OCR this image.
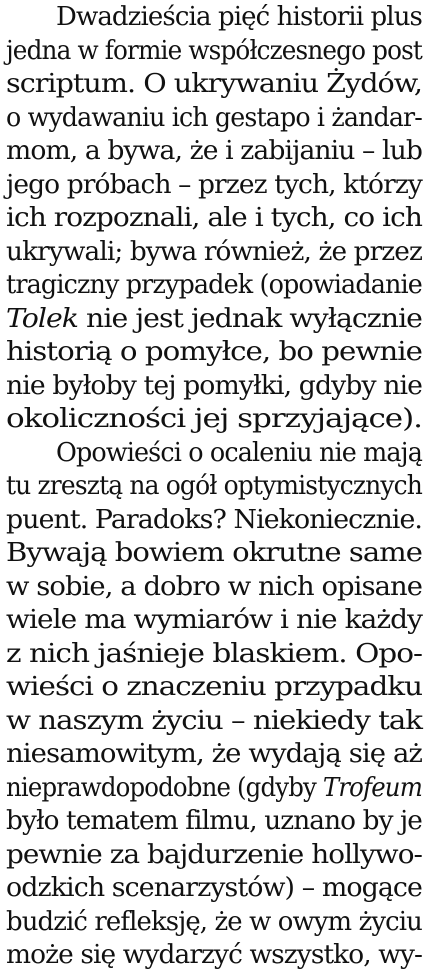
Dwadzieścia pięć historii plus
jedna w formie współczesnego post
scriptum. O ukrywaniu Żydów,
o wydawaniu ich gestapo i żandar-
mom, a bywa, że i zabijaniu – lub
jego próbach – przez tych, którzy
ich rozpoznali, ale i tych, co ich
ukrywali; bywa również, że przez
tragiczny przypadek (opowiadanie
Tolek nie jest jednak wyłącznie
historią o pomyłce, bo pewnie
nie byłoby tej pomyłki, gdyby nie
okoliczności jej sprzyjające).
Opowieści o ocaleniu nie mają
tu zresztą na ogół optymistycznych
puent. Paradoks? Niekoniecznie.
Bywają bowiem okrutne same
w sobie, a dobro w nich opisane
wiele ma wymiarów i nie każdy
z nich jaśnieje blaskiem. Opo-
wieści o znaczeniu przypadku
w naszym życiu – niekiedy tak
niesamowitym, że wydają się aż
nieprawdopodobne (gdyby Trofeum
było tematem filmu, uznano by je
pewnie za bajdurzenie hollywo-
odzkich scenarzystów) – mogące
budzić refleksję, że w owym życiu
może się wydarzyć wszystko, wy-
